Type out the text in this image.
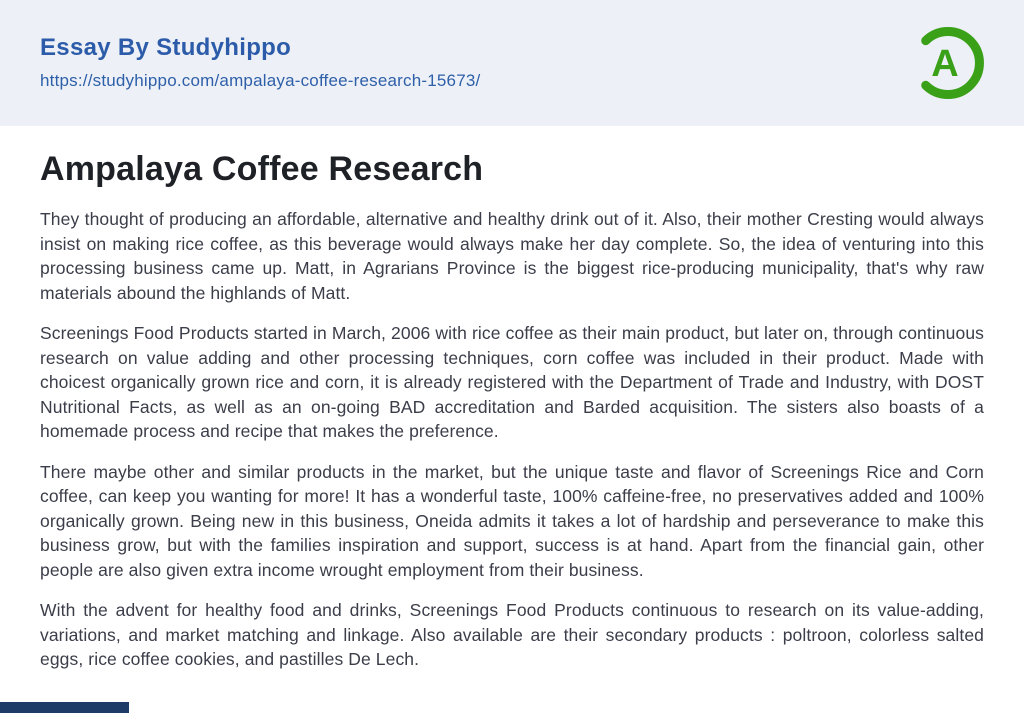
Essay By Studyhippo
https://studyhippo.com/ampalaya-coffee-research-15673/	A
Ampalaya Coffee Research

They thought of producing an affordable, alternative and healthy drink out of it. Also, their mother Cresting would always insist on making rice coffee, as this beverage would always make her day complete. So, the idea of venturing into this processing business came up. Matt, in Agrarians Province is the biggest rice-producing municipality, that's why raw materials abound the highlands of Matt.

Screenings Food Products started in March, 2006 with rice coffee as their main product, but later on, through continuous research on value adding and other processing techniques, corn coffee was included in their product. Made with choicest organically grown rice and corn, it is already registered with the Department of Trade and Industry, with DOST Nutritional Facts, as well as an on-going BAD accreditation and Barded acquisition. The sisters also boasts of a homemade process and recipe that makes the preference.

There maybe other and similar products in the market, but the unique taste and flavor of Screenings Rice and Corn coffee, can keep you wanting for more! It has a wonderful taste, 100% caffeine-free, no preservatives added and 100% organically grown. Being new in this business, Oneida admits it takes a lot of hardship and perseverance to make this business grow, but with the families inspiration and support, success is at hand. Apart from the financial gain, other people are also given extra income wrought employment from their business.

With the advent for healthy food and drinks, Screenings Food Products continuous to research on its value-adding, variations, and market matching and linkage. Also available are their secondary products : poltroon, colorless salted eggs, rice coffee cookies, and pastilles De Lech.
